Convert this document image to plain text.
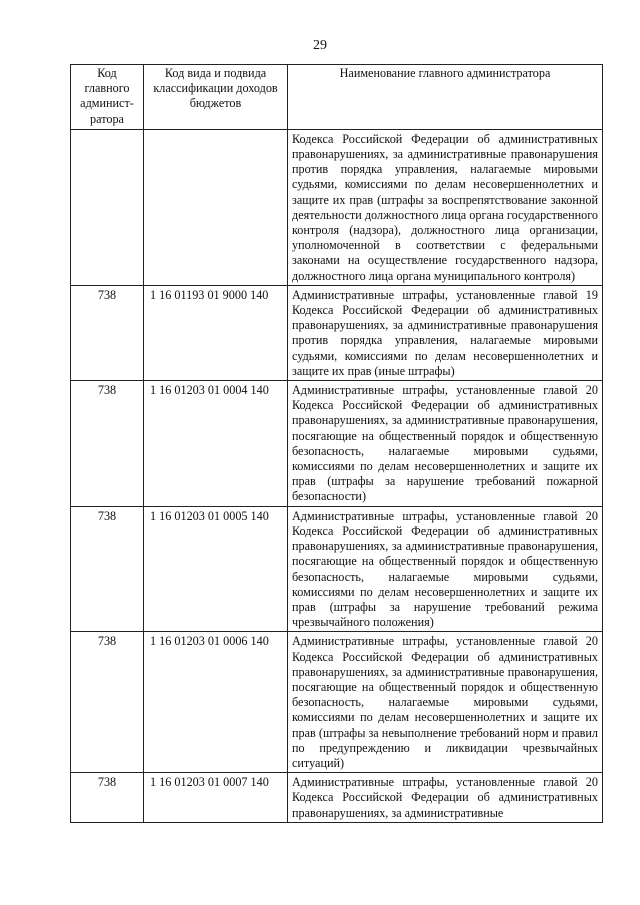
29
Код главного админист-ратора	Код вида и подвида классификации доходов бюджетов	Наименование главного администратора
		Кодекса Российской Федерации об административных правонарушениях, за административные правонарушения против порядка управления, налагаемые мировыми судьями, комиссиями по делам несовершеннолетних и защите их прав (штрафы за воспрепятствование законной деятельности должностного лица органа государственного контроля (надзора), должностного лица организации, уполномоченной в соответствии с федеральными законами на осуществление государственного надзора, должностного лица органа муниципального контроля)
738	1 16 01193 01 9000 140	Административные штрафы, установленные главой 19 Кодекса Российской Федерации об административных правонарушениях, за административные правонарушения против порядка управления, налагаемые мировыми судьями, комиссиями по делам несовершеннолетних и защите их прав (иные штрафы)
738	1 16 01203 01 0004 140	Административные штрафы, установленные главой 20 Кодекса Российской Федерации об административных правонарушениях, за административные правонарушения, посягающие на общественный порядок и общественную безопасность, налагаемые мировыми судьями, комиссиями по делам несовершеннолетних и защите их прав (штрафы за нарушение требований пожарной безопасности)
738	1 16 01203 01 0005 140	Административные штрафы, установленные главой 20 Кодекса Российской Федерации об административных правонарушениях, за административные правонарушения, посягающие на общественный порядок и общественную безопасность, налагаемые мировыми судьями, комиссиями по делам несовершеннолетних и защите их прав (штрафы за нарушение требований режима чрезвычайного положения)
738	1 16 01203 01 0006 140	Административные штрафы, установленные главой 20 Кодекса Российской Федерации об административных правонарушениях, за административные правонарушения, посягающие на общественный порядок и общественную безопасность, налагаемые мировыми судьями, комиссиями по делам несовершеннолетних и защите их прав (штрафы за невыполнение требований норм и правил по предупреждению и ликвидации чрезвычайных ситуаций)
738	1 16 01203 01 0007 140	Административные штрафы, установленные главой 20 Кодекса Российской Федерации об административных правонарушениях, за административные
